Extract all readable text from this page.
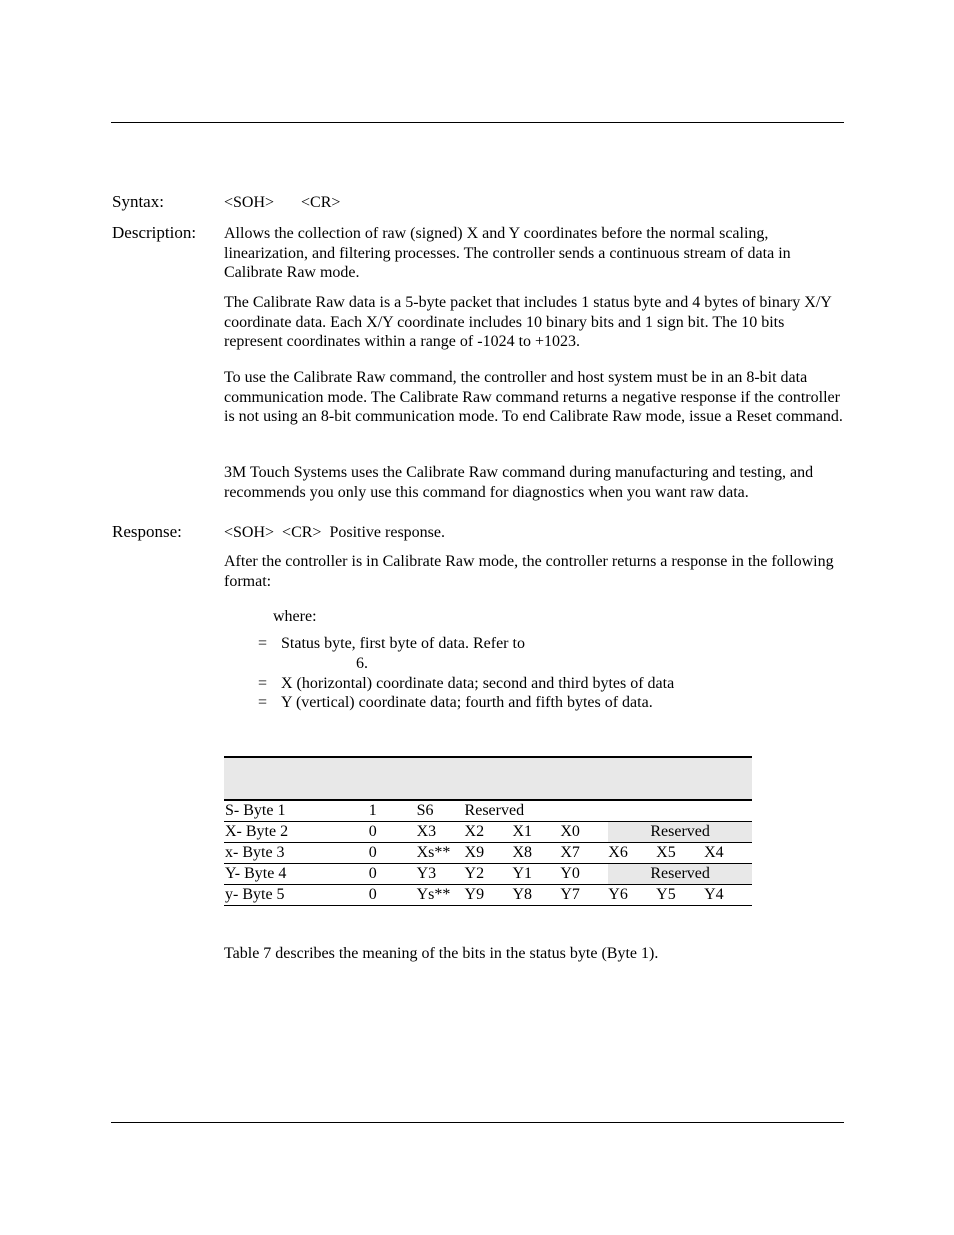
Syntax:	<SOH> <CR>
Description: Allows the collection of raw (signed) X and Y coordinates before the normal scaling, linearization, and filtering processes. The controller sends a continuous stream of data in Calibrate Raw mode.
The Calibrate Raw data is a 5-byte packet that includes 1 status byte and 4 bytes of binary X/Y coordinate data. Each X/Y coordinate includes 10 binary bits and 1 sign bit. The 10 bits represent coordinates within a range of -1024 to +1023.
To use the Calibrate Raw command, the controller and host system must be in an 8-bit data communication mode. The Calibrate Raw command returns a negative response if the controller is not using an 8-bit communication mode. To end Calibrate Raw mode, issue a Reset command.
3M Touch Systems uses the Calibrate Raw command during manufacturing and testing, and recommends you only use this command for diagnostics when you want raw data.
Response:	<SOH>  <CR>  Positive response.
After the controller is in Calibrate Raw mode, the controller returns a response in the following format:
where:
= Status byte, first byte of data. Refer to
6.
= X (horizontal) coordinate data; second and third bytes of data
= Y (vertical) coordinate data; fourth and fifth bytes of data.

S- Byte 1	1	S6	Reserved					
X- Byte 2	0	X3	X2	X1	X0	Reserved		
x- Byte 3	0	Xs**	X9	X8	X7	X6	X5	X4
Y- Byte 4	0	Y3	Y2	Y1	Y0	Reserved		
y- Byte 5	0	Ys**	Y9	Y8	Y7	Y6	Y5	Y4
Table 7 describes the meaning of the bits in the status byte (Byte 1).
